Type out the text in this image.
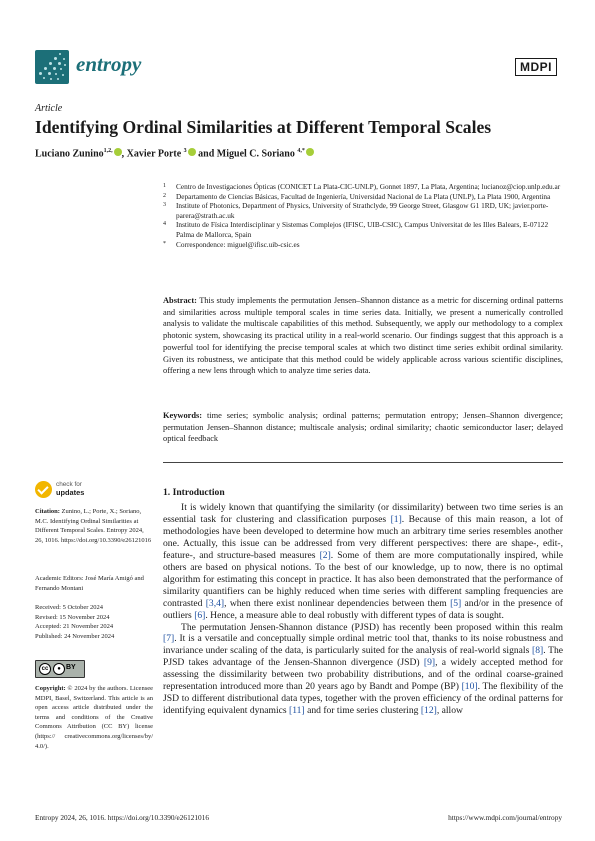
entropy	MDPI
Article
Identifying Ordinal Similarities at Different Temporal Scales
Luciano Zunino$^{1,2,}$ , Xavier Porte $^3$ and Miguel C. Soriano $^{4,*}$
1	Centro de Investigaciones Ópticas (CONICET La Plata-CIC-UNLP), Gonnet 1897, La Plata, Argentina; lucianoz@ciop.unlp.edu.ar
2	Departamento de Ciencias Básicas, Facultad de Ingeniería, Universidad Nacional de La Plata (UNLP), La Plata 1900, Argentina
3	Institute of Photonics, Department of Physics, University of Strathclyde, 99 George Street, Glasgow G1 1RD, UK; javier.porte-parera@strath.ac.uk
4	Instituto de Física Interdisciplinar y Sistemas Complejos (IFISC, UIB-CSIC), Campus Universitat de les Illes Balears, E-07122 Palma de Mallorca, Spain
*	Correspondence: miguel@ifisc.uib-csic.es
Abstract: This study implements the permutation Jensen–Shannon distance as a metric for discerning ordinal patterns and similarities across multiple temporal scales in time series data. Initially, we present a numerically controlled analysis to validate the multiscale capabilities of this method. Subsequently, we apply our methodology to a complex photonic system, showcasing its practical utility in a real-world scenario. Our findings suggest that this approach is a powerful tool for identifying the precise temporal scales at which two distinct time series exhibit ordinal similarity. Given its robustness, we anticipate that this method could be widely applicable across various scientific disciplines, offering a new lens through which to analyze time series data.
Keywords: time series; symbolic analysis; ordinal patterns; permutation entropy; Jensen–Shannon divergence; permutation Jensen–Shannon distance; multiscale analysis; ordinal similarity; chaotic semiconductor laser; delayed optical feedback
check for
updates
Citation: Zunino, L.; Porte, X.; Soriano, M.C. Identifying Ordinal Similarities at Different Temporal Scales. Entropy 2024, 26, 1016. https://doi.org/10.3390/e26121016
Academic Editors: José María Amigó and Fernando Montani
Received: 5 October 2024
Revised: 15 November 2024
Accepted: 21 November 2024
Published: 24 November 2024
cc	● BY
Copyright: © 2024 by the authors. Licensee MDPI, Basel, Switzerland. This article is an open access article distributed under the terms and conditions of the Creative Commons Attribution (CC BY) license (https:// creativecommons.org/licenses/by/ 4.0/).
1. Introduction

It is widely known that quantifying the similarity (or dissimilarity) between two time series is an essential task for clustering and classification purposes [1]. Because of this main reason, a lot of methodologies have been developed to determine how much an arbitrary time series resembles another one. Actually, this issue can be addressed from very different perspectives: there are shape-, edit-, feature-, and structure-based measures [2]. Some of them are more computationally inspired, while others are based on physical notions. To the best of our knowledge, up to now, there is no optimal algorithm for estimating this concept in practice. It has also been demonstrated that the performance of similarity quantifiers can be highly reduced when time series with different sampling frequencies are contrasted [3,4], when there exist nonlinear dependencies between them [5] and/or in the presence of outliers [6]. Hence, a measure able to deal robustly with different types of data is sought.

The permutation Jensen-Shannon distance (PJSD) has recently been proposed within this realm [7]. It is a versatile and conceptually simple ordinal metric tool that, thanks to its noise robustness and invariance under scaling of the data, is particularly suited for the analysis of real-world signals [8]. The PJSD takes advantage of the Jensen-Shannon divergence (JSD) [9], a widely accepted method for assessing the dissimilarity between two probability distributions, and of the ordinal coarse-grained representation introduced more than 20 years ago by Bandt and Pompe (BP) [10]. The flexibility of the JSD to different distributional data types, together with the proven efficiency of the ordinal patterns for identifying equivalent dynamics [11] and for time series clustering [12], allow

Entropy 2024, 26, 1016. https://doi.org/10.3390/e26121016	https://www.mdpi.com/journal/entropy
